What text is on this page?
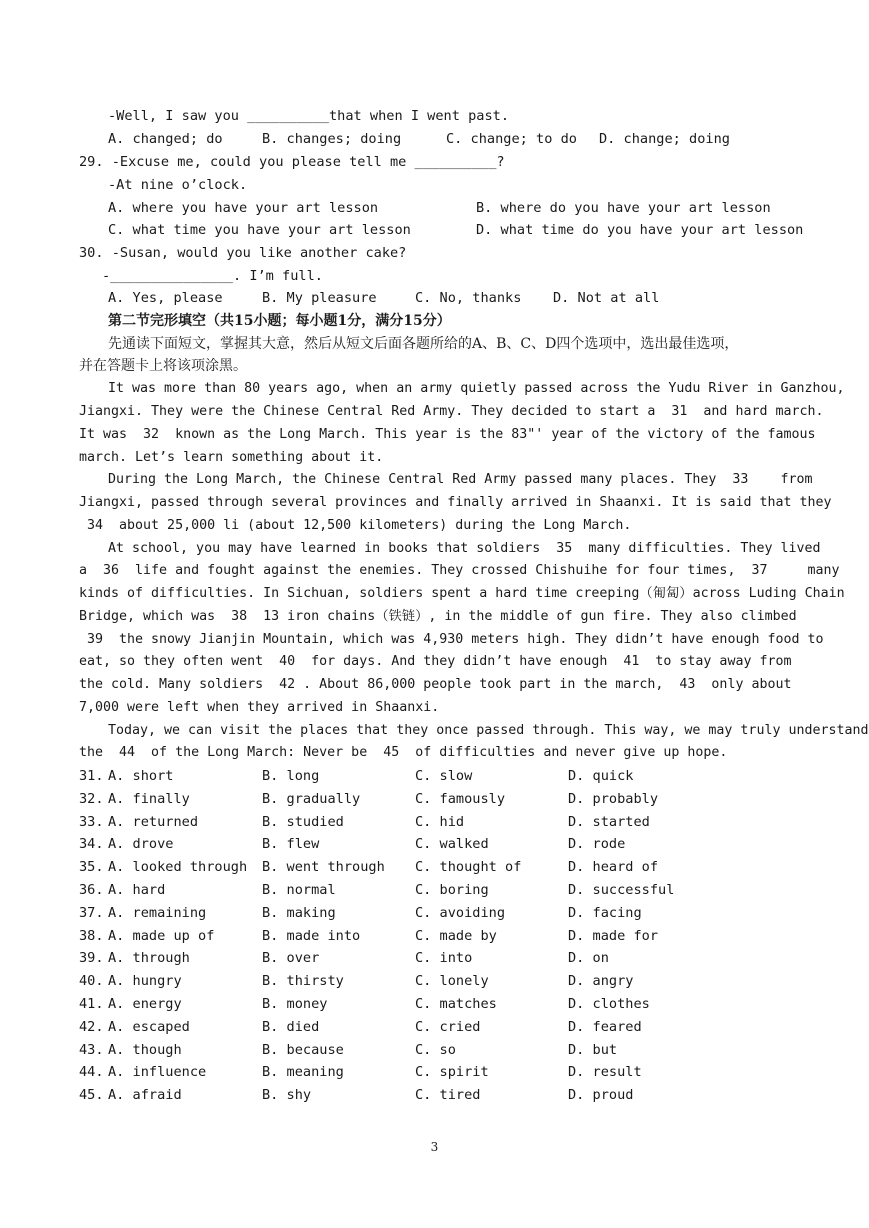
-Well, I saw you __________that when I went past.
A. changed; do	B. changes; doing	C. change; to do D. change; doing
29. -Excuse me, could you please tell me __________?
-At nine o’clock.
A. where you have your art lesson	B. where do you have your art lesson
C. what time you have your art lesson	D. what time do you have your art lesson
30. -Susan, would you like another cake?
-_______________. I’m full.
A. Yes, please	B. My pleasure	C. No, thanks D. Not at all
第二节完形填空（共15小题；每小题1分，满分15分）
先通读下面短文，掌握其大意，然后从短文后面各题所给的A、B、C、D四个选项中，选出最佳选项，
并在答题卡上将该项涂黑。
It was more than 80 years ago, when an army quietly passed across the Yudu River in Ganzhou,
Jiangxi. They were the Chinese Central Red Army. They decided to start a  31  and hard march.
It was  32  known as the Long March. This year is the 83"' year of the victory of the famous
march. Let’s learn something about it.
During the Long March, the Chinese Central Red Army passed many places. They  33    from
Jiangxi, passed through several provinces and finally arrived in Shaanxi. It is said that they
34  about 25,000 li (about 12,500 kilometers) during the Long March.
At school, you may have learned in books that soldiers  35  many difficulties. They lived
a  36  life and fought against the enemies. They crossed Chishuihe for four times,  37     many
kinds of difficulties. In Sichuan, soldiers spent a hard time creeping（匍匐）across Luding Chain
Bridge, which was  38  13 iron chains（铁链）, in the middle of gun fire. They also climbed
39  the snowy Jianjin Mountain, which was 4,930 meters high. They didn’t have enough food to
eat, so they often went  40  for days. And they didn’t have enough  41  to stay away from
the cold. Many soldiers  42 . About 86,000 people took part in the march,  43  only about
7,000 were left when they arrived in Shaanxi.
Today, we can visit the places that they once passed through. This way, we may truly understand
the  44  of the Long March: Never be  45  of difficulties and never give up hope.
31. A. short	B. long	C. slow	D. quick
32. A. finally	B. gradually	C. famously	D. probably
33. A. returned	B. studied	C. hid	D. started
34. A. drove	B. flew	C. walked	D. rode
35. A. looked through B. went through C. thought of	D. heard of
36. A. hard	B. normal	C. boring	D. successful
37. A. remaining	B. making	C. avoiding	D. facing
38. A. made up of	B. made into	C. made by	D. made for
39. A. through	B. over	C. into	D. on
40. A. hungry	B. thirsty	C. lonely	D. angry
41. A. energy	B. money	C. matches	D. clothes
42. A. escaped	B. died	C. cried	D. feared
43. A. though	B. because	C. so	D. but
44. A. influence	B. meaning	C. spirit	D. result
45. A. afraid	B. shy	C. tired	D. proud
3
